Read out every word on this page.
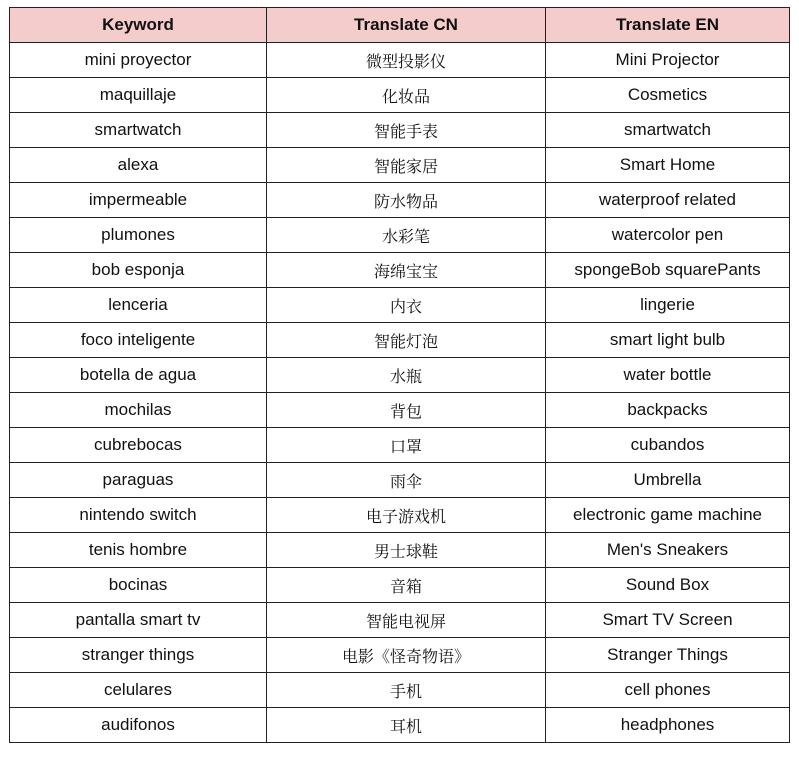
Keyword	Translate CN	Translate EN
mini proyector	微型投影仪	Mini Projector
maquillaje	化妆品	Cosmetics
smartwatch	智能手表	smartwatch
alexa	智能家居	Smart Home
impermeable	防水物品	waterproof related
plumones	水彩笔	watercolor pen
bob esponja	海绵宝宝	spongeBob squarePants
lenceria	内衣	lingerie
foco inteligente	智能灯泡	smart light bulb
botella de agua	水瓶	water bottle
mochilas	背包	backpacks
cubrebocas	口罩	cubandos
paraguas	雨伞	Umbrella
nintendo switch	电子游戏机	electronic game machine
tenis hombre	男士球鞋	Men's Sneakers
bocinas	音箱	Sound Box
pantalla smart tv	智能电视屏	Smart TV Screen
stranger things	电影《怪奇物语》	Stranger Things
celulares	手机	cell phones
audifonos	耳机	headphones
